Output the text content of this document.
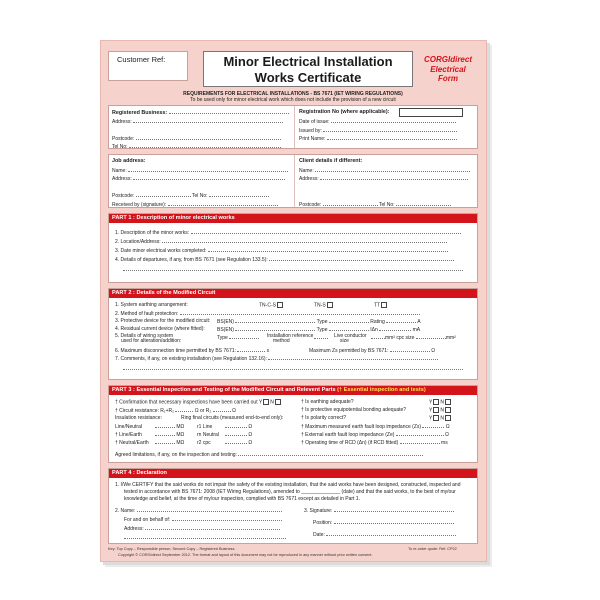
Customer Ref:	Minor Electrical Installation
Works Certificate
CORGIdirect
Electrical
Form
REQUIREMENTS FOR ELECTRICAL INSTALLATIONS - BS 7671 (IET WIRING REGULATIONS)
To be used only for minor electrical work which does not include the provision of a new circuit
Registered Business:
Address:
Postcode:
Tel No:
Registration No (where applicable):
Date of issue:
Issued by:
Print Name:
Job address:
Name:
Address:
Postcode:	Tel No:
Received by (signature):
Client details if different:
Name:
Address:
Postcode:	Tel No:
PART 1 : Description of minor electrical works
1. Description of the minor works:
2. Location/Address:
3. Date minor electrical works completed:
4. Details of departures, if any, from BS 7671 (see Regulation 133.5):
PART 2 : Details of the Modified Circuit
1. System earthing arrangement:	TN-C-S	TN-S	TT
2. Method of fault protection:
3. Protective device for the modified circuit: BS(EN)	Type	Rating	A
4. Residual current device (where fitted): BS(EN)	Type	IΔn	mA
5. Details of wiring system
used for alteration/addition:	Type	Installation reference
method
Live conductor
size	mm² cpc size	mm²
6. Maximum disconnection time permitted by BS 7671:	s	Maximum Zs permitted by BS 7671:	Ω
7. Comments, if any, on existing installation (see Regulation 132.16):
PART 3 : Essential Inspection and Testing of the Modified Circuit and Relevent Parts († Essential inspection and tests)
† Confirmation that necessary inspections have been carried out Y N
† Circuit resistance: R₁+R₂	Ω or R₂	Ω
Insulation resistance:	Ring final circuits (measured end-to-end only):
Line/Neutral	MΩ	r1 Line	Ω
† Line/Earth	MΩ	rn Neutral	Ω
† Neutral/Earth	MΩ	r2 cpc	Ω
† Is earthing adequate?	Y N
† Is protective equipotential bonding adequate?	Y N
† Is polarity correct?	Y N
† Maximum measured earth fault loop impedance (Zs)	Ω
† External earth fault loop impedance (Ze)	Ω
† Operating time of RCD (Δn) (if RCD fitted)	ms
Agreed limitations, if any, on the inspection and testing:
PART 4 : Declaration
1. I/We CERTIFY that the said works do not impair the safety of the existing installation, that the said works have been designed, constructed, inspected and
tested in accordance with BS 7671: 2008 (IET Wiring Regulations), amended to ______________ (date) and that the said works, to the best of my/our
knowledge and belief, at the time of my/our inspection, complied with BS 7671 except as detailed in Part 1.
2. Name:
For and on behalf of:
Address:
3. Signature:
Position:
Date:
Key: Top Copy – Responsible person. Second Copy – Registered Business.	To re-order quote: Ref. CP22
Copyright © CORGIdirect September 2012. The format and layout of this document may not be reproduced in any manner without prior written consent.
